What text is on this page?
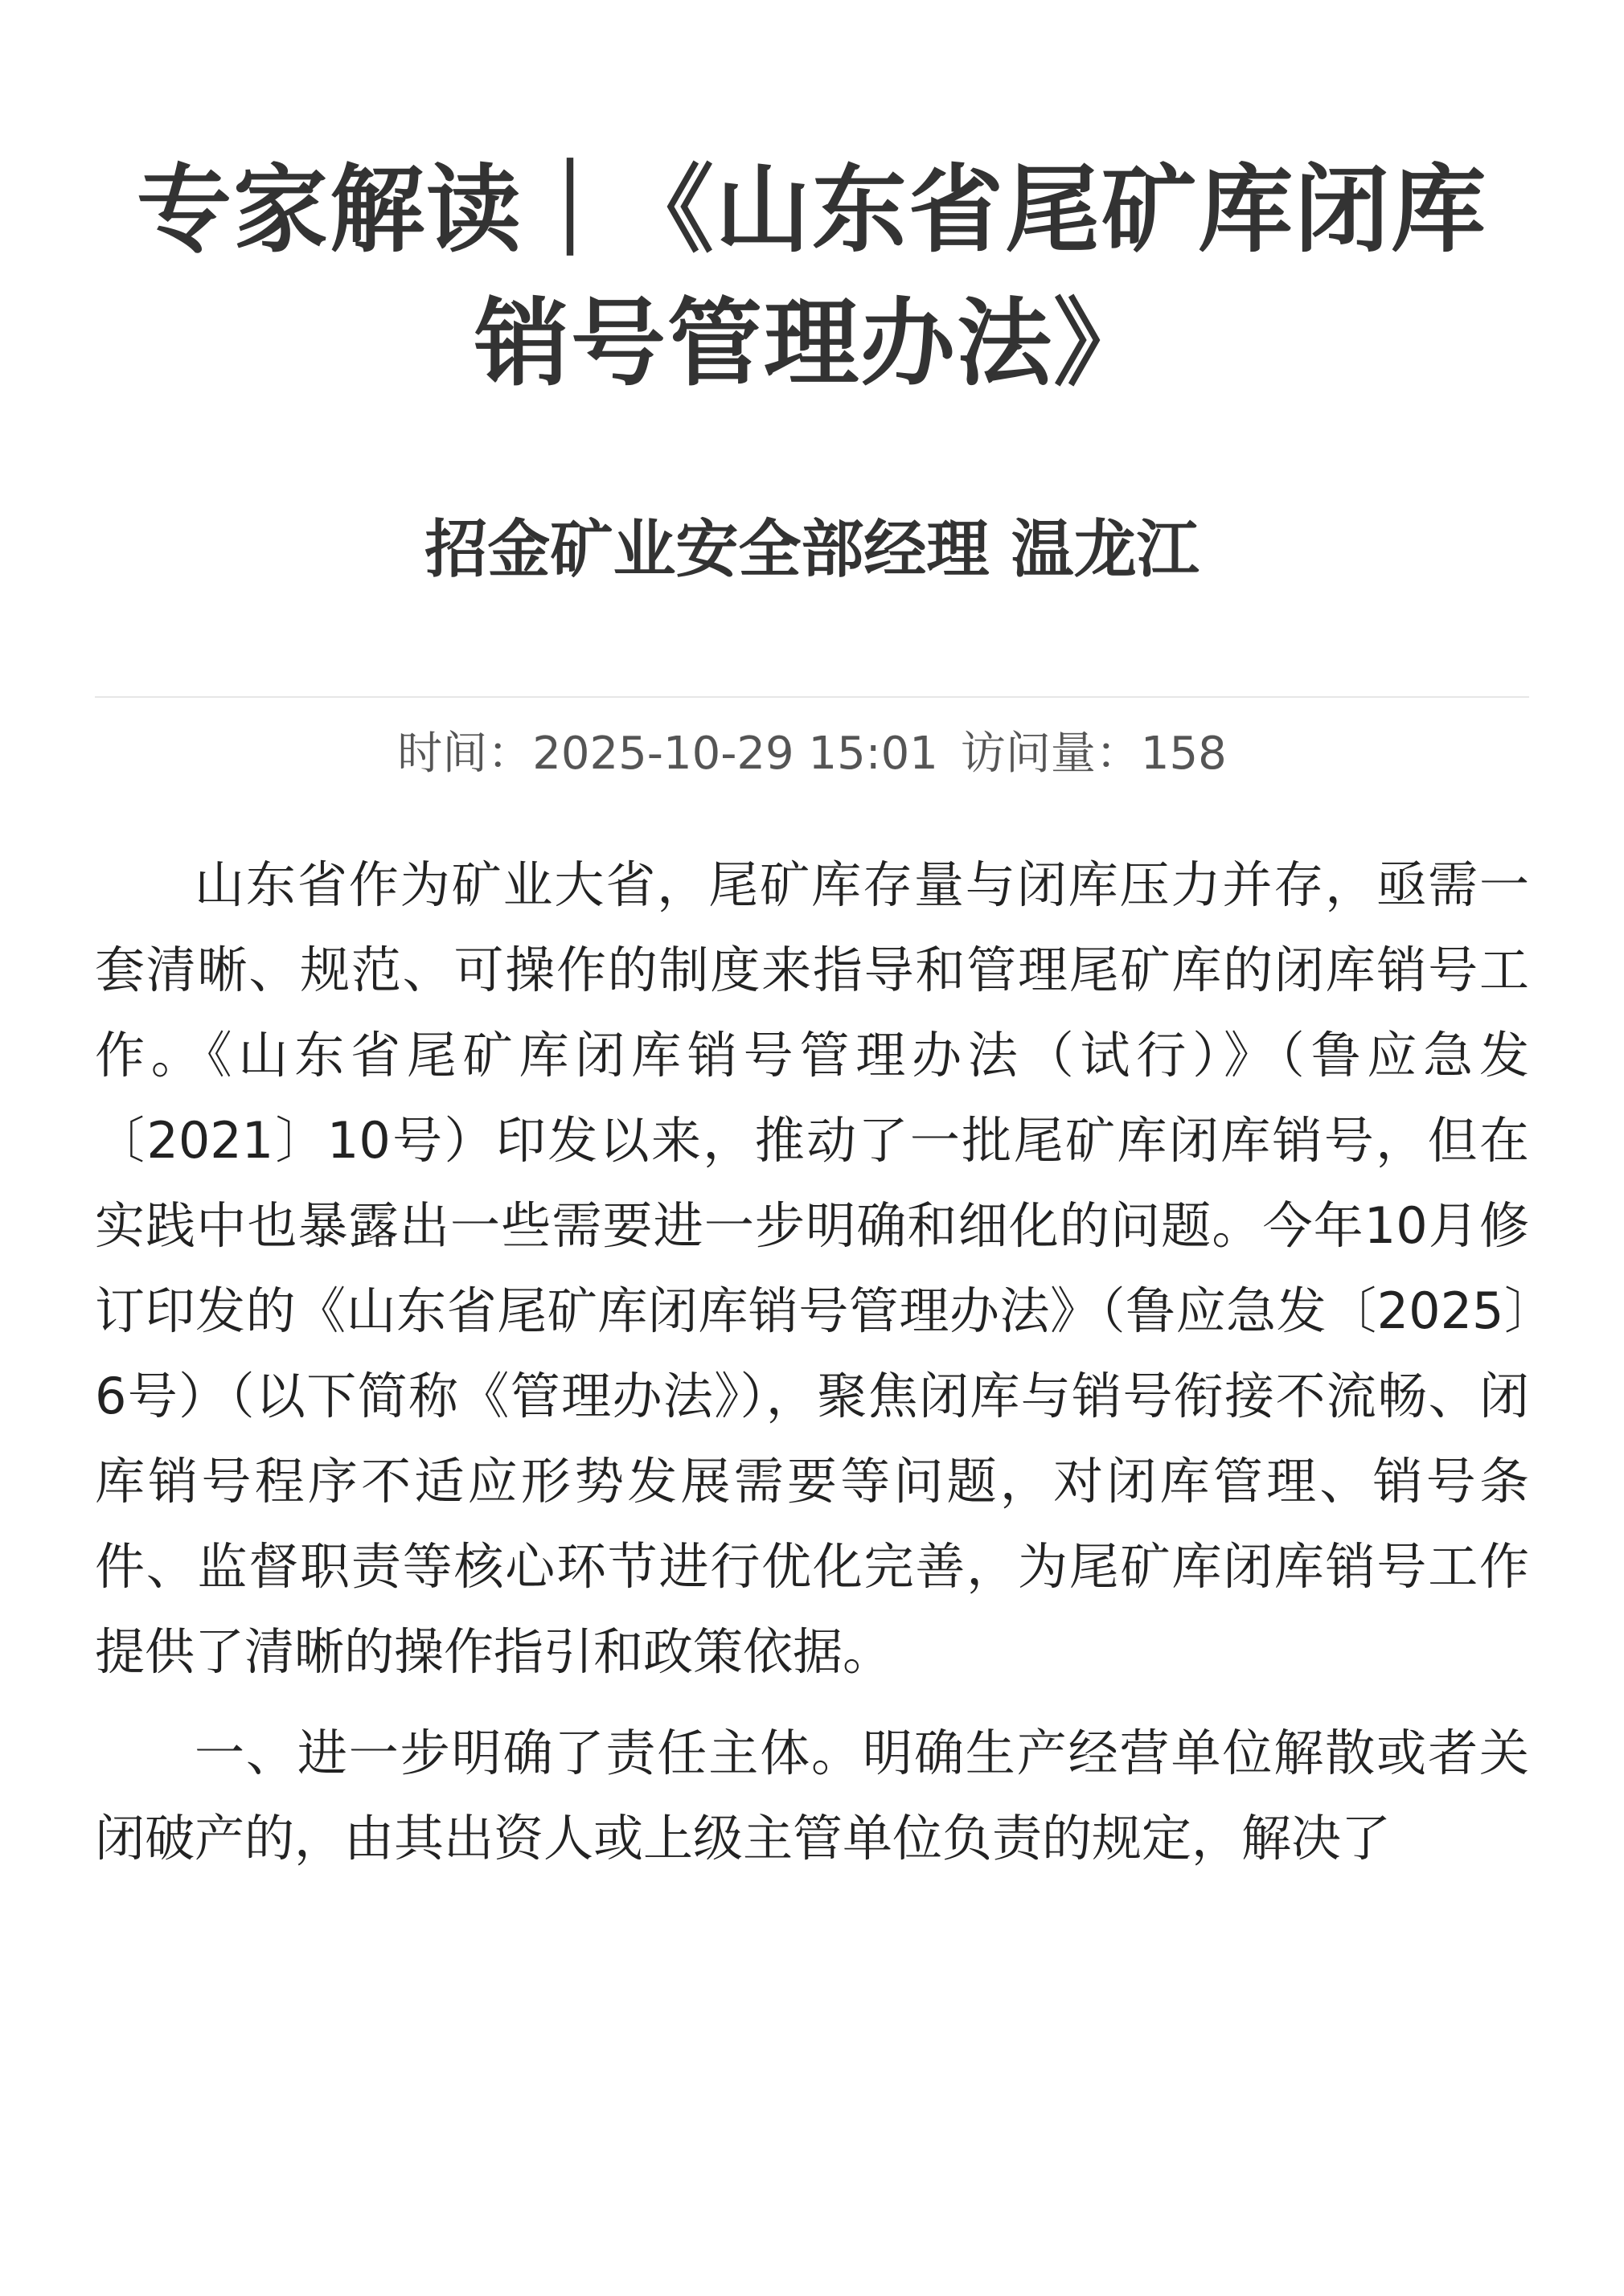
专家解读｜《山东省尾矿库闭库
销号管理办法》
招金矿业安全部经理 温龙江
时间：2025-10-29 15:01 访问量：158

山东省作为矿业大省，尾矿库存量与闭库压力并存，亟需一套清晰、规范、可操作的制度来指导和管理尾矿库的闭库销号工作。《山东省尾矿库闭库销号管理办法（试行）》（鲁应急发〔2021〕10号）印发以来，推动了一批尾矿库闭库销号，但在实践中也暴露出一些需要进一步明确和细化的问题。今年10月修订印发的《山东省尾矿库闭库销号管理办法》（鲁应急发〔2025〕6号）（以下简称《管理办法》），聚焦闭库与销号衔接不流畅、闭库销号程序不适应形势发展需要等问题，对闭库管理、销号条件、监督职责等核心环节进行优化完善，为尾矿库闭库销号工作提供了清晰的操作指引和政策依据。

一、进一步明确了责任主体。明确生产经营单位解散或者关闭破产的，由其出资人或上级主管单位负责的规定，解决了
